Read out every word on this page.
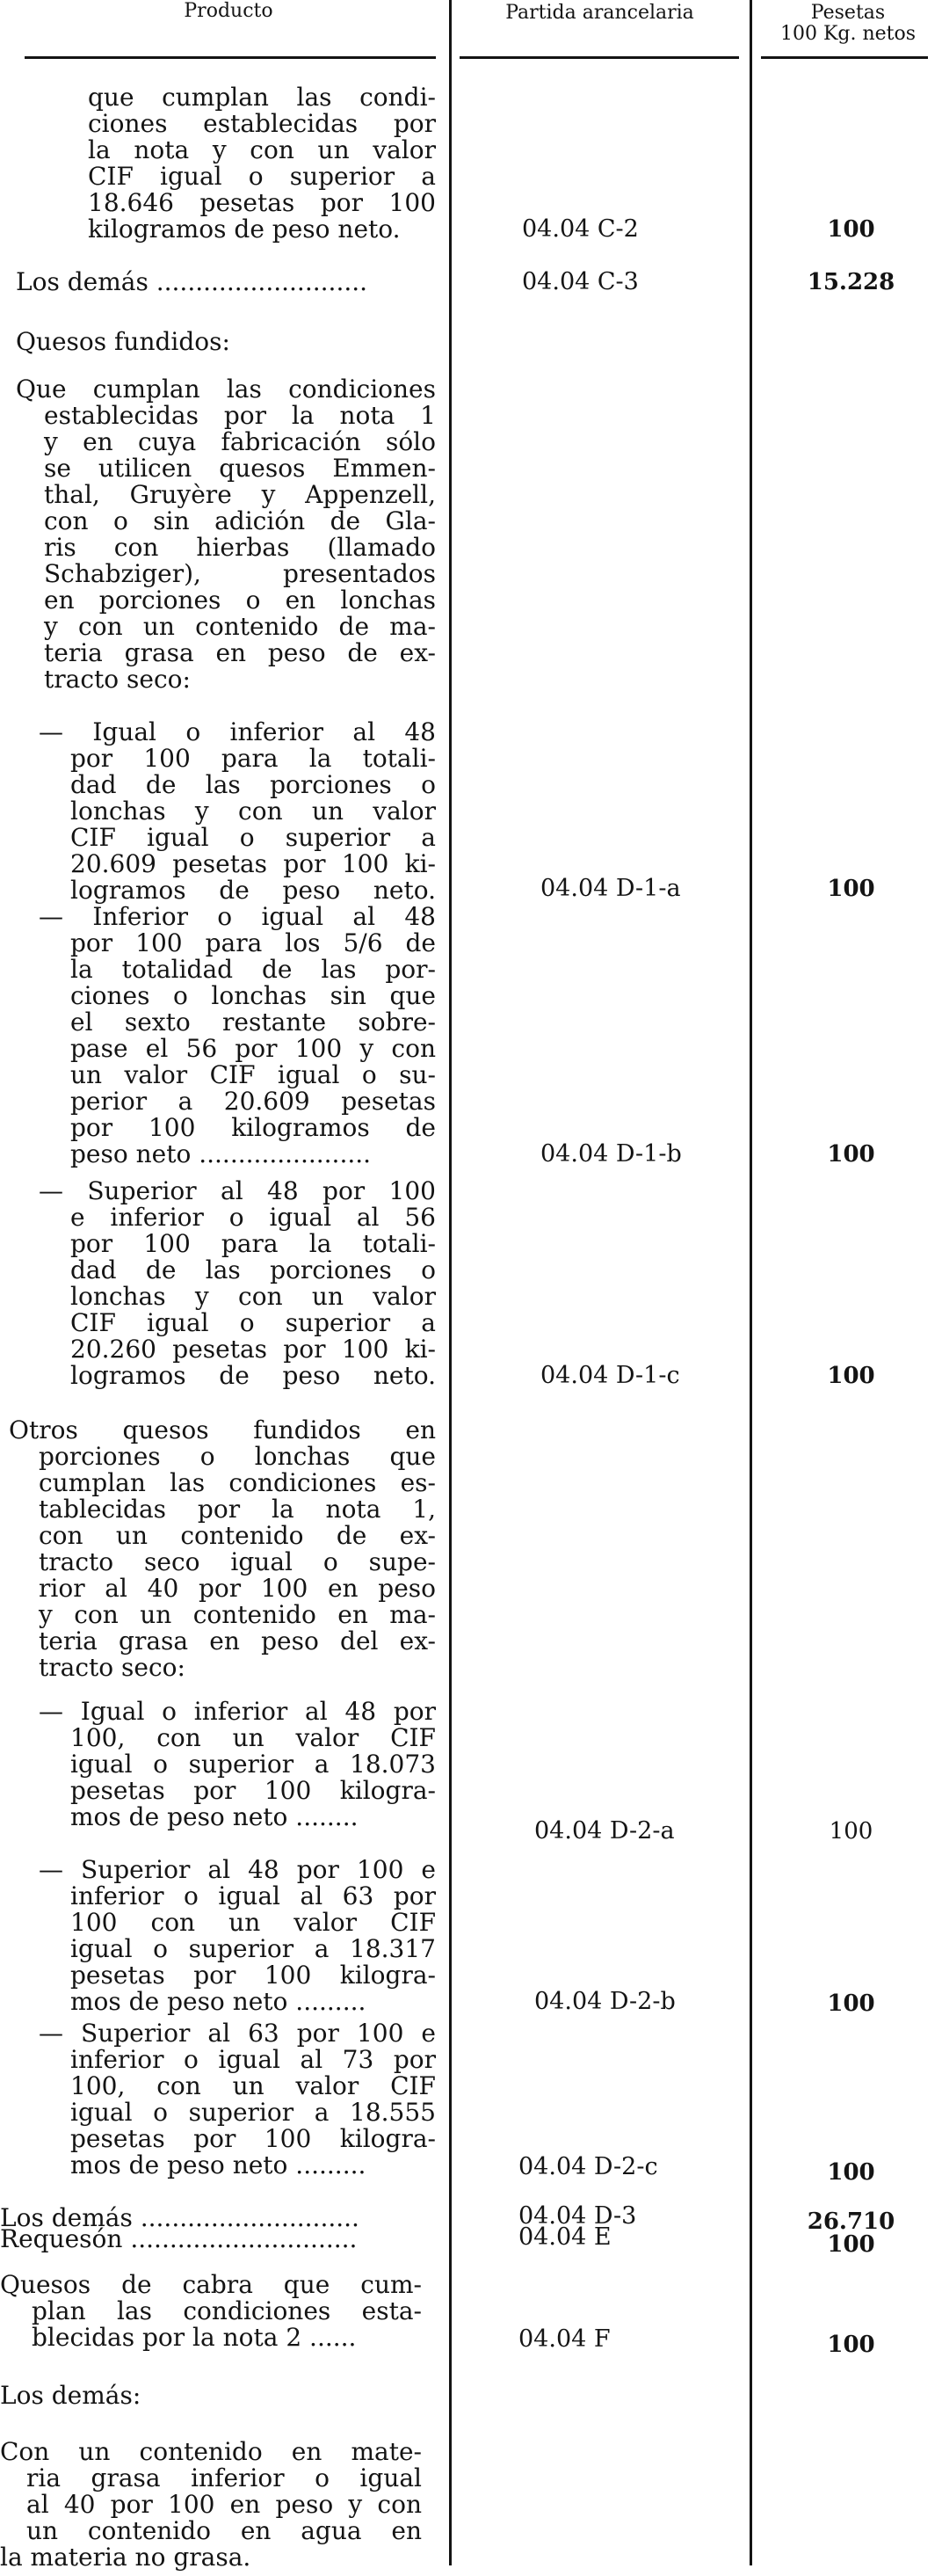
Producto	Partida arancelaria	Pesetas
100 Kg. netos
que cumplan las condi-
ciones establecidas por
la nota y con un valor
CIF igual o superior a
18.646 pesetas por 100
kilogramos de peso neto.	04.04 C-2	100
Los demás ...........................	04.04 C-3	15.228
Quesos fundidos:
Que cumplan las condiciones
establecidas por la nota 1
y en cuya fabricación sólo
se utilicen quesos Emmen-
thal, Gruyère y Appenzell,
con o sin adición de Gla-
ris con hierbas (llamado
Schabziger), presentados
en porciones o en lonchas
y con un contenido de ma-
teria grasa en peso de ex-
tracto seco:
— Igual o inferior al 48
por 100 para la totali-
dad de las porciones o
lonchas y con un valor
CIF igual o superior a
20.609 pesetas por 100 ki-
logramos de peso neto.	04.04 D-1-a	100
— Inferior o igual al 48
por 100 para los 5/6 de
la totalidad de las por-
ciones o lonchas sin que
el sexto restante sobre-
pase el 56 por 100 y con
un valor CIF igual o su-
perior a 20.609 pesetas
por 100 kilogramos de
peso neto ......................	04.04 D-1-b	100
— Superior al 48 por 100
e inferior o igual al 56
por 100 para la totali-
dad de las porciones o
lonchas y con un valor
CIF igual o superior a
20.260 pesetas por 100 ki-
logramos de peso neto.	04.04 D-1-c	100
Otros quesos fundidos en
porciones o lonchas que
cumplan las condiciones es-
tablecidas por la nota 1,
con un contenido de ex-
tracto seco igual o supe-
rior al 40 por 100 en peso
y con un contenido en ma-
teria grasa en peso del ex-
tracto seco:
— Igual o inferior al 48 por
100, con un valor CIF
igual o superior a 18.073
pesetas por 100 kilogra-
mos de peso neto ........	04.04 D-2-a	100
— Superior al 48 por 100 e
inferior o igual al 63 por
100 con un valor CIF
igual o superior a 18.317
pesetas por 100 kilogra-
mos de peso neto .........	04.04 D-2-b	100
— Superior al 63 por 100 e
inferior o igual al 73 por
100, con un valor CIF
igual o superior a 18.555
pesetas por 100 kilogra-
mos de peso neto .........	04.04 D-2-c	100
Los demás ............................	04.04 D-3	26.710
Requesón .............................	04.04 E	100
Quesos de cabra que cum-
plan las condiciones esta-
blecidas por la nota 2 ......	04.04 F	100
Los demás:
Con un contenido en mate-
ria grasa inferior o igual
al 40 por 100 en peso y con
un contenido en agua en
la materia no grasa.
